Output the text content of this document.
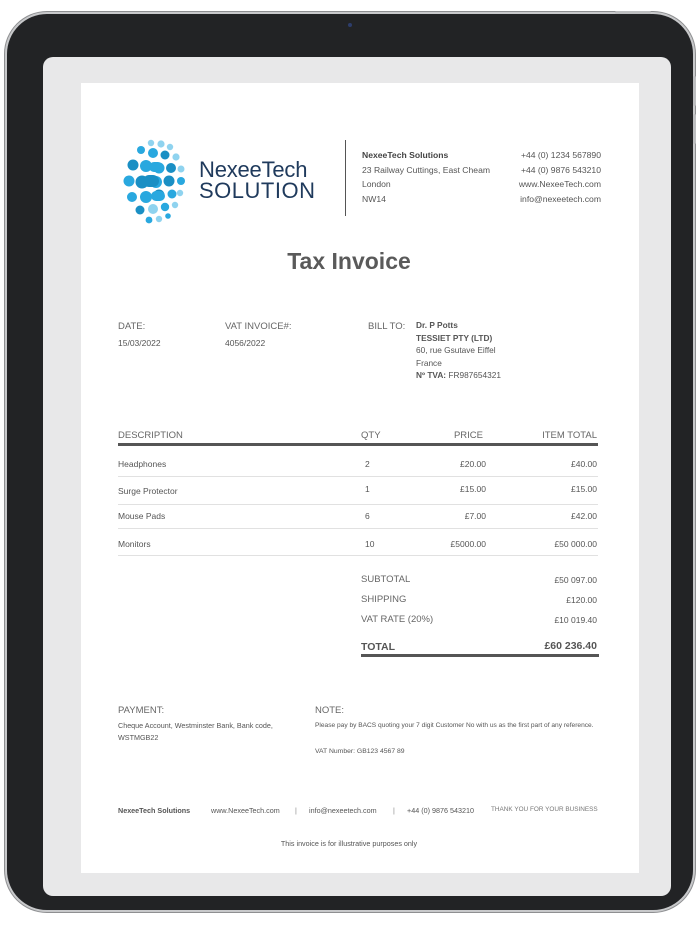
NexeeTech
SOLUTION
NexeeTech Solutions
23 Railway Cuttings, East Cheam
London
NW14
+44 (0) 1234 567890
+44 (0) 9876 543210
www.NexeeTech.com
info@nexeetech.com
Tax Invoice
DATE:
15/03/2022
VAT INVOICE#:
4056/2022
BILL TO: Dr. P Potts
TESSIET PTY (LTD)
60, rue Gsutave Eiffel
France
Nº TVA: FR987654321
DESCRIPTION	QTY	PRICE	ITEM TOTAL
Headphones	2	£20.00	£40.00
Surge Protector	1	£15.00	£15.00
Mouse Pads	6	£7.00	£42.00
Monitors	10	£5000.00	£50 000.00
SUBTOTAL	£50 097.00
SHIPPING	£120.00
VAT RATE (20%)	£10 019.40
TOTAL	£60 236.40
PAYMENT:
Cheque Account, Westminster Bank, Bank code, WSTMGB22
NOTE:
Please pay by BACS quoting your 7 digit Customer No with us as the first part of any reference.
VAT Number: GB123 4567 89
NexeeTech Solutions	www.NexeeTech.com | info@nexeetech.com | +44 (0) 9876 543210	THANK YOU FOR YOUR BUSINESS
This invoice is for illustrative purposes only
